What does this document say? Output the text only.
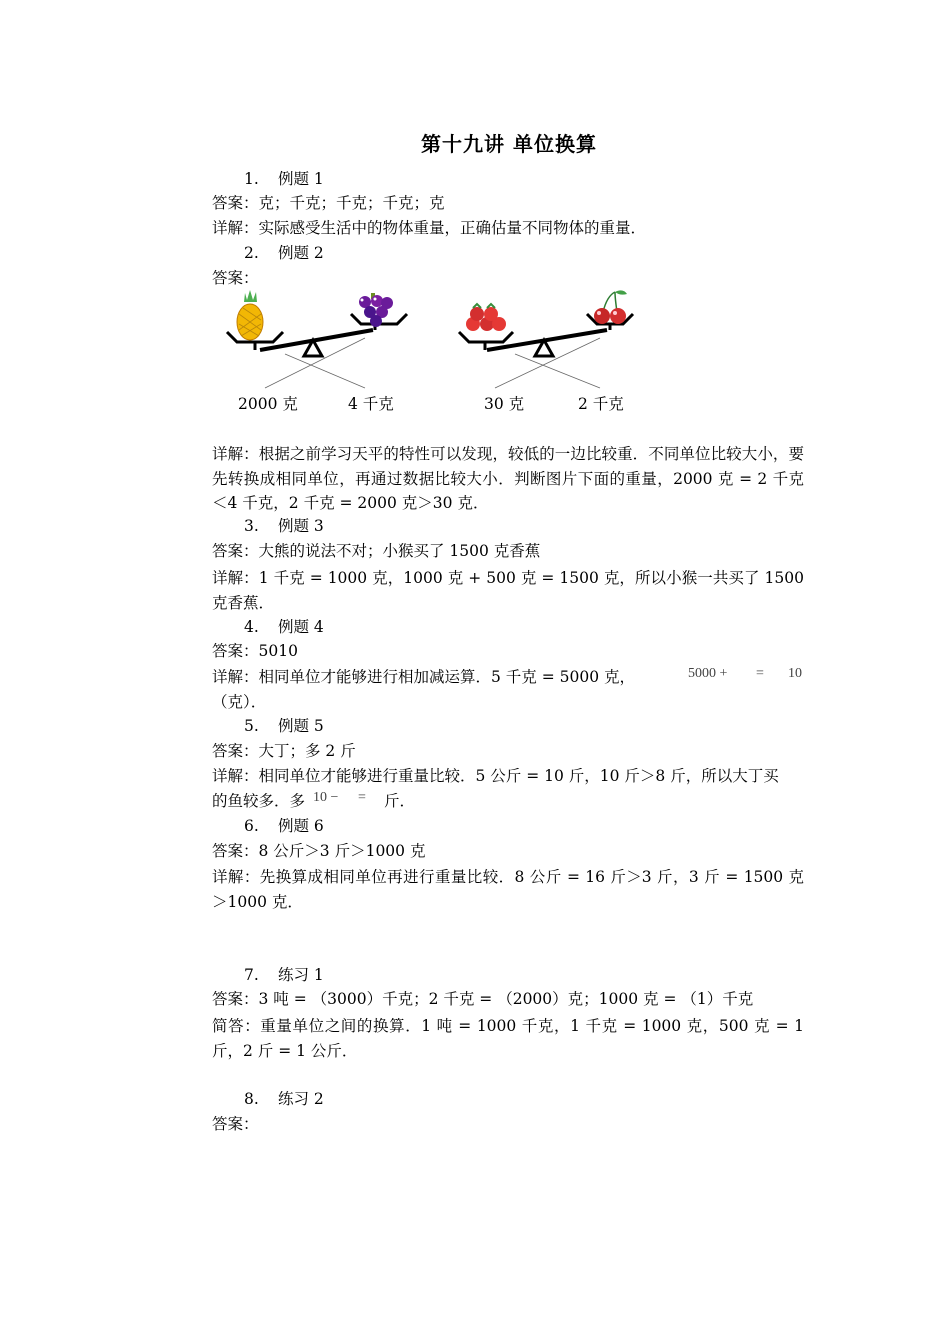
第十九讲 单位换算
1. 例题 1
答案：克；千克；千克；千克；克
详解：实际感受生活中的物体重量，正确估量不同物体的重量．
2. 例题 2
答案：
2000 克	4 千克	30 克	2 千克
详解：根据之前学习天平的特性可以发现，较低的一边比较重．不同单位比较大小，要先转换成相同单位，再通过数据比较大小．判断图片下面的重量，2000 克 = 2 千克＜4 千克，2 千克 = 2000 克＞30 克．
3. 例题 3
答案：大熊的说法不对；小猴买了 1500 克香蕉
详解：1 千克 = 1000 克，1000 克 + 500 克 = 1500 克，所以小猴一共买了 1500 克香蕉．
4. 例题 4
答案：5010
详解：相同单位才能够进行相加减运算．5 千克 = 5000 克，	5000 + = 10
（克）．
5. 例题 5
答案：大丁；多 2 斤
详解：相同单位才能够进行重量比较．5 公斤 = 10 斤，10 斤＞8 斤，所以大丁买
的鱼较多．多 10 − = 斤．
6. 例题 6
答案：8 公斤＞3 斤＞1000 克
详解：先换算成相同单位再进行重量比较．8 公斤 = 16 斤＞3 斤，3 斤 = 1500 克＞1000 克．
7. 练习 1
答案：3 吨 = （3000）千克；2 千克 = （2000）克；1000 克 = （1）千克
简答：重量单位之间的换算．1 吨 = 1000 千克，1 千克 = 1000 克，500 克 = 1 斤，2 斤 = 1 公斤．
8. 练习 2
答案：
